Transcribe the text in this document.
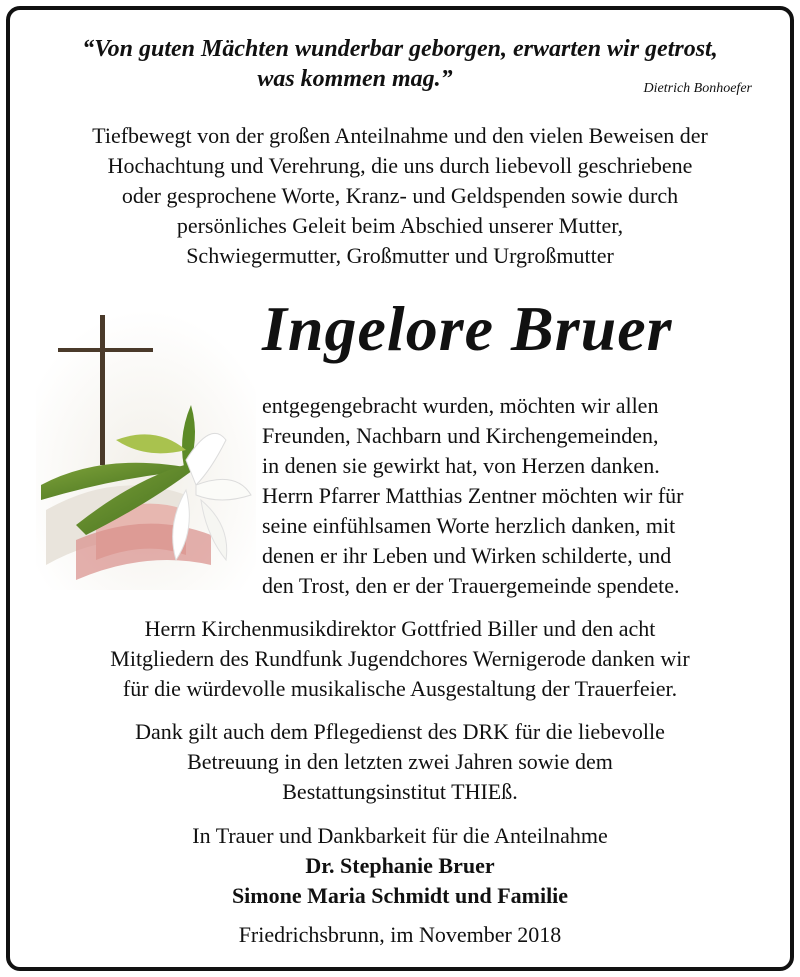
“Von guten Mächten wunderbar geborgen, erwarten wir getrost,
was kommen mag.”	Dietrich Bonhoefer
Tiefbewegt von der großen Anteilnahme und den vielen Beweisen der
Hochachtung und Verehrung, die uns durch liebevoll geschriebene
oder gesprochene Worte, Kranz- und Geldspenden sowie durch
persönliches Geleit beim Abschied unserer Mutter,
Schwiegermutter, Großmutter und Urgroßmutter
Ingelore Bruer
entgegengebracht wurden, möchten wir allen
Freunden, Nachbarn und Kirchengemeinden,
in denen sie gewirkt hat, von Herzen danken.
Herrn Pfarrer Matthias Zentner möchten wir für
seine einfühlsamen Worte herzlich danken, mit
denen er ihr Leben und Wirken schilderte, und
den Trost, den er der Trauergemeinde spendete.
Herrn Kirchenmusikdirektor Gottfried Biller und den acht
Mitgliedern des Rundfunk Jugendchores Wernigerode danken wir
für die würdevolle musikalische Ausgestaltung der Trauerfeier.
Dank gilt auch dem Pflegedienst des DRK für die liebevolle
Betreuung in den letzten zwei Jahren sowie dem
Bestattungsinstitut THIEß.
In Trauer und Dankbarkeit für die Anteilnahme
Dr. Stephanie Bruer
Simone Maria Schmidt und Familie
Friedrichsbrunn, im November 2018
